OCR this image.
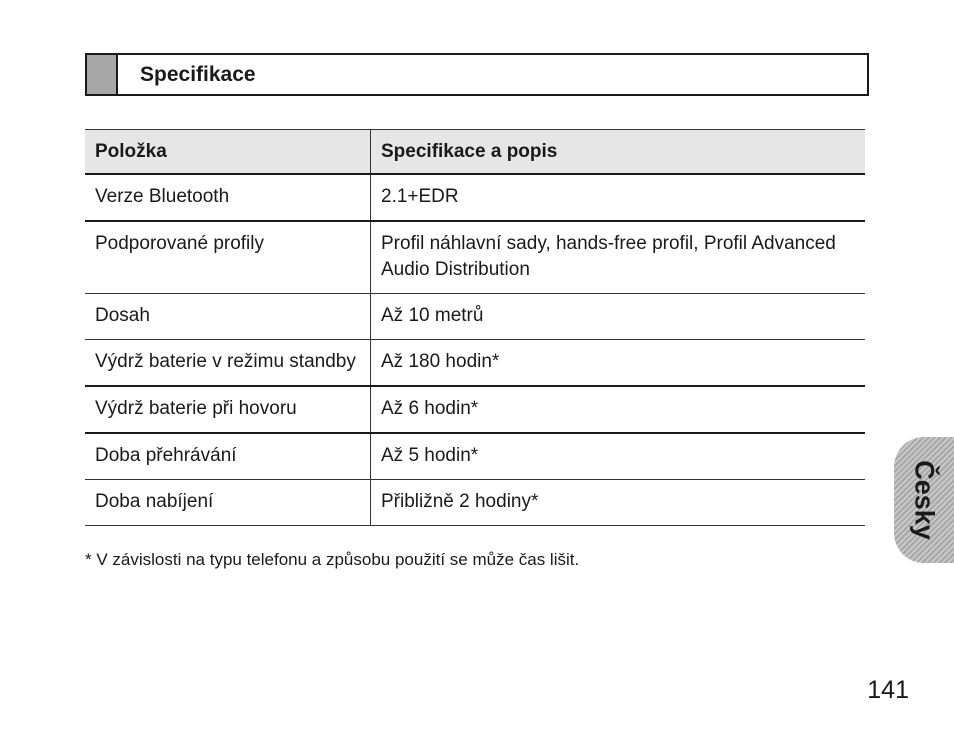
Specifikace
Položka	Specifikace a popis
Verze Bluetooth	2.1+EDR
Podporované profily	Profil náhlavní sady, hands-free profil, Profil Advanced Audio Distribution
Dosah	Až 10 metrů
Výdrž baterie v režimu standby	Až 180 hodin*
Výdrž baterie při hovoru	Až 6 hodin*
Doba přehrávání	Až 5 hodin*
Doba nabíjení	Přibližně 2 hodiny*
* V závislosti na typu telefonu a způsobu použití se může čas lišit.
Česky
141
